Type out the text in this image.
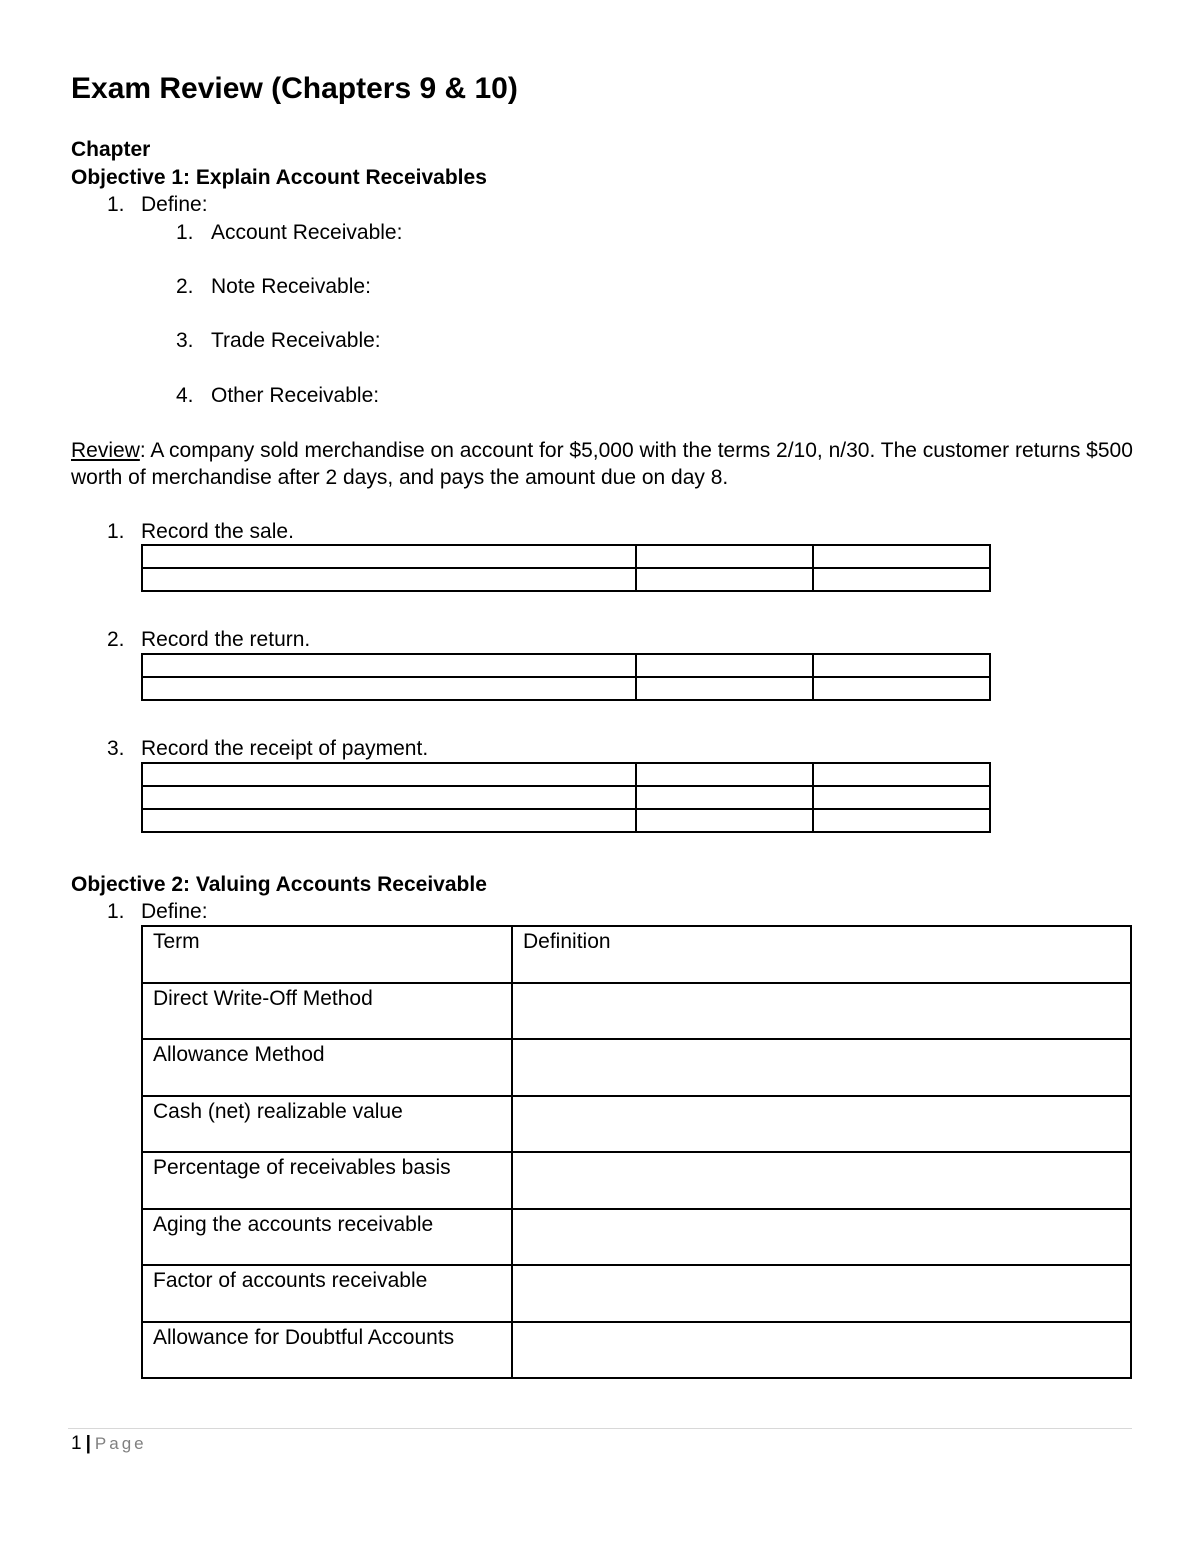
Exam Review (Chapters 9 & 10)
Chapter
Objective 1: Explain Account Receivables
1. Define:
1. Account Receivable:
2. Note Receivable:
3. Trade Receivable:
4. Other Receivable:
Review: A company sold merchandise on account for $5,000 with the terms 2/10, n/30. The customer returns $500 worth of merchandise after 2 days, and pays the amount due on day 8.
1. Record the sale.

2. Record the return.

3. Record the receipt of payment.

Objective 2: Valuing Accounts Receivable
1. Define:
Term	Definition

Direct Write-Off Method	

Allowance Method	

Cash (net) realizable value	

Percentage of receivables basis	

Aging the accounts receivable	

Factor of accounts receivable	

Allowance for Doubtful Accounts	

1 | Page
